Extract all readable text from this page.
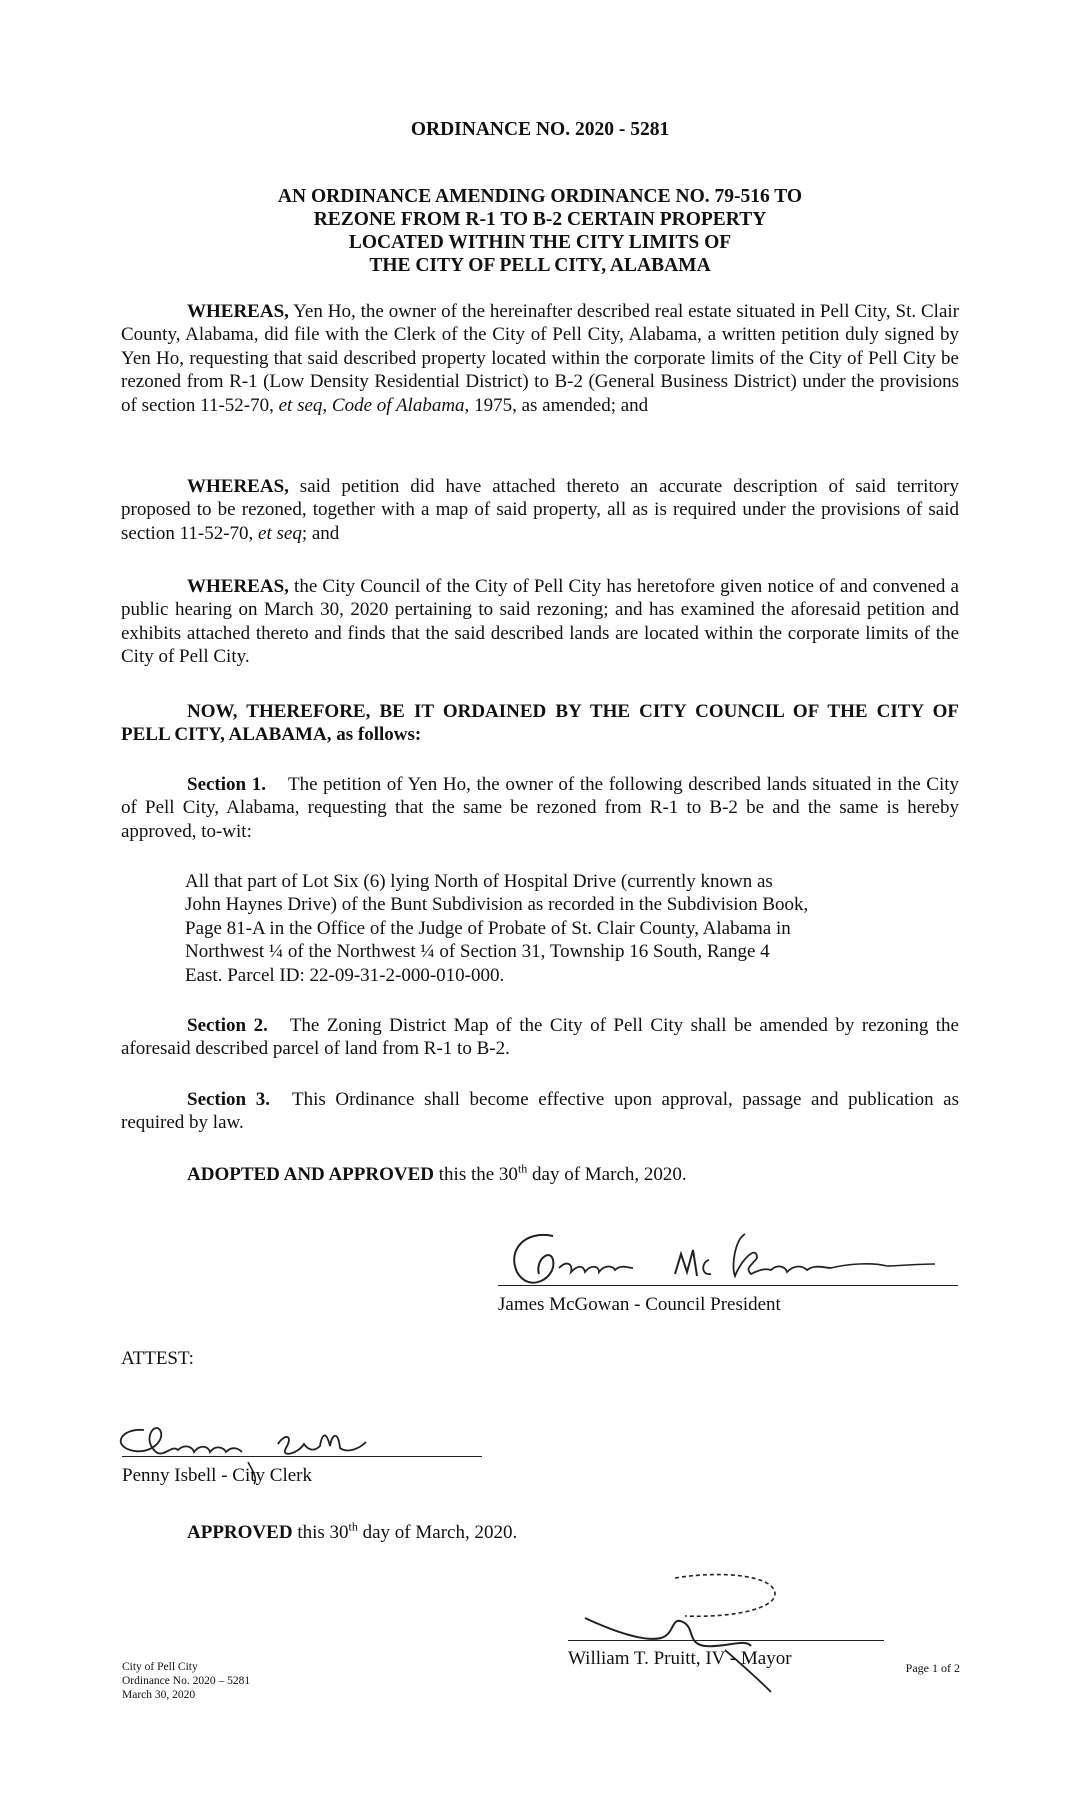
ORDINANCE NO. 2020 - 5281
AN ORDINANCE AMENDING ORDINANCE NO. 79-516 TO
REZONE FROM R-1 TO B-2 CERTAIN PROPERTY
LOCATED WITHIN THE CITY LIMITS OF
THE CITY OF PELL CITY, ALABAMA
WHEREAS, Yen Ho, the owner of the hereinafter described real estate situated in Pell City, St. Clair County, Alabama, did file with the Clerk of the City of Pell City, Alabama, a written petition duly signed by Yen Ho, requesting that said described property located within the corporate limits of the City of Pell City be rezoned from R-1 (Low Density Residential District) to B-2 (General Business District) under the provisions of section 11-52-70, et seq, Code of Alabama, 1975, as amended; and
WHEREAS, said petition did have attached thereto an accurate description of said territory proposed to be rezoned, together with a map of said property, all as is required under the provisions of said section 11-52-70, et seq; and
WHEREAS, the City Council of the City of Pell City has heretofore given notice of and convened a public hearing on March 30, 2020 pertaining to said rezoning; and has examined the aforesaid petition and exhibits attached thereto and finds that the said described lands are located within the corporate limits of the City of Pell City.
NOW, THEREFORE, BE IT ORDAINED BY THE CITY COUNCIL OF THE CITY OF PELL CITY, ALABAMA, as follows:
Section 1. The petition of Yen Ho, the owner of the following described lands situated in the City of Pell City, Alabama, requesting that the same be rezoned from R-1 to B-2 be and the same is hereby approved, to-wit:
All that part of Lot Six (6) lying North of Hospital Drive (currently known as
John Haynes Drive) of the Bunt Subdivision as recorded in the Subdivision Book,
Page 81-A in the Office of the Judge of Probate of St. Clair County, Alabama in
Northwest ¼ of the Northwest ¼ of Section 31, Township 16 South, Range 4
East. Parcel ID: 22-09-31-2-000-010-000.
Section 2. The Zoning District Map of the City of Pell City shall be amended by rezoning the aforesaid described parcel of land from R-1 to B-2.
Section 3. This Ordinance shall become effective upon approval, passage and publication as required by law.
ADOPTED AND APPROVED this the 30th day of March, 2020.
James McGowan - Council President
ATTEST:
Penny Isbell - City Clerk
APPROVED this 30th day of March, 2020.
William T. Pruitt, IV - Mayor
City of Pell City
Ordinance No. 2020 – 5281
March 30, 2020
Page 1 of 2
